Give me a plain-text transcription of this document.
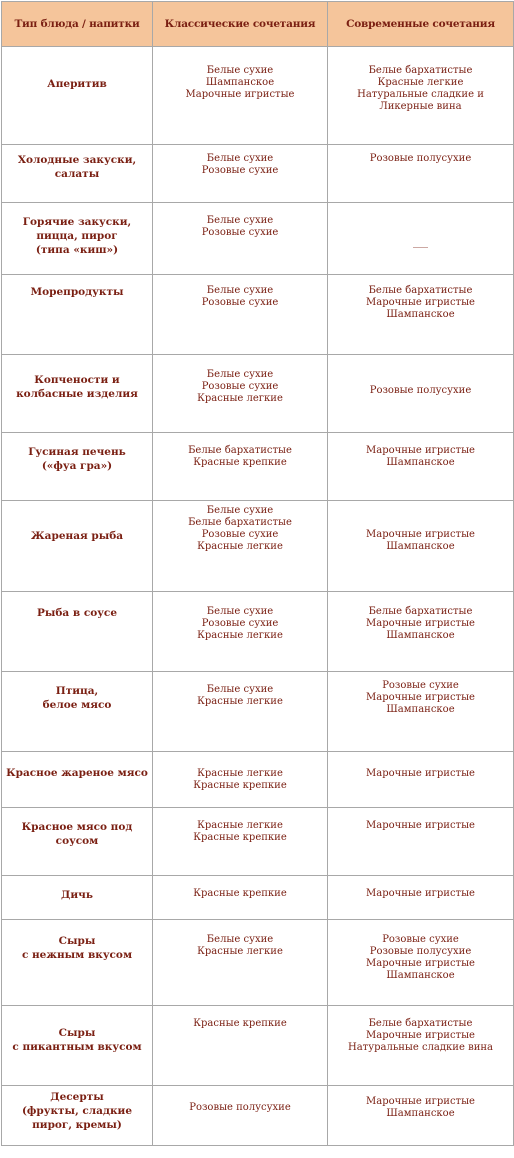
Тип блюда / напитки	Классические сочетания	Современные сочетания

Аперитив	Белые сухие
Шампанское
Марочные игристые	Белые бархатистые
Красные легкие
Натуральные сладкие и
Ликерные вина

Холодные закуски,
салаты	Белые сухие
Розовые сухие	Розовые полусухие

Горячие закуски,
пицца, пирог
(типа «киш»)	Белые сухие
Розовые сухие	___

Морепродукты	Белые сухие
Розовые сухие	Белые бархатистые
Марочные игристые
Шампанское

Копчености и
колбасные изделия	Белые сухие
Розовые сухие
Красные легкие	Розовые полусухие

Гусиная печень
(«фуа гра»)	Белые бархатистые
Красные крепкие	Марочные игристые
Шампанское

Жареная рыба	Белые сухие
Белые бархатистые
Розовые сухие
Красные легкие	Марочные игристые
Шампанское

Рыба в соусе	Белые сухие
Розовые сухие
Красные легкие	Белые бархатистые
Марочные игристые
Шампанское

Птица,
белое мясо	Белые сухие
Красные легкие	Розовые сухие
Марочные игристые
Шампанское

Красное жареное мясо	Красные легкие
Красные крепкие	Марочные игристые

Красное мясо под
соусом	Красные легкие
Красные крепкие	Марочные игристые

Дичь	Красные крепкие	Марочные игристые

Сыры
с нежным вкусом	Белые сухие
Красные легкие	Розовые сухие
Розовые полусухие
Марочные игристые
Шампанское

Сыры
с пикантным вкусом	Красные крепкие	Белые бархатистые
Марочные игристые
Натуральные сладкие вина

Десерты
(фрукты, сладкие
пирог, кремы)	Розовые полусухие	Марочные игристые
Шампанское
